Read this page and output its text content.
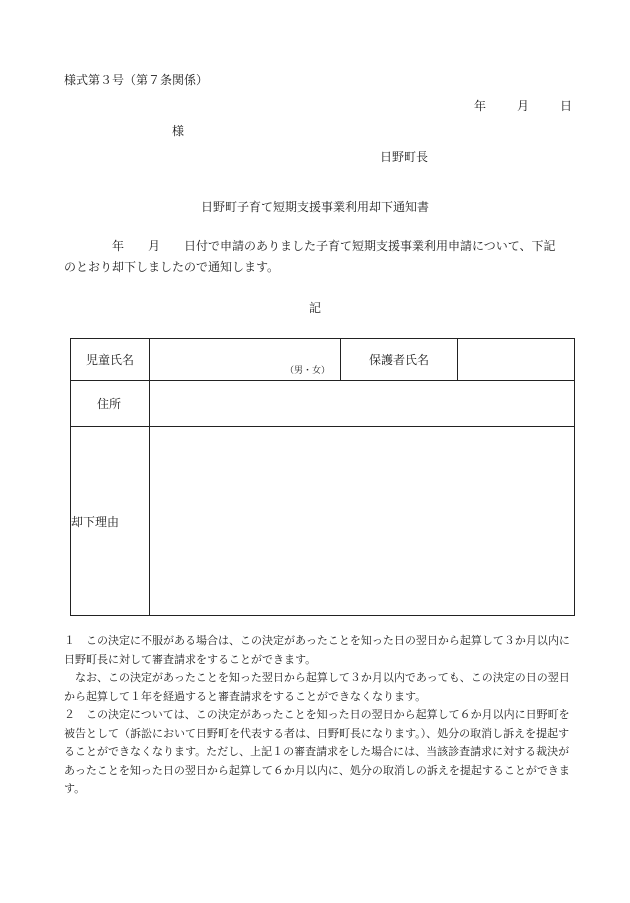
様式第３号（第７条関係）
年	月	日
様
日野町長
日野町子育て短期支援事業利用却下通知書
年 月 日付で申請のありました子育て短期支援事業利用申請について、下記
のとおり却下しましたので通知します。
記
児童氏名	（男・女）	保護者氏名	
住所			
却下理由			

１　この決定に不服がある場合は、この決定があったことを知った日の翌日から起算して３か月以内に日野町長に対して審査請求をすることができます。

　なお、この決定があったことを知った翌日から起算して３か月以内であっても、この決定の日の翌日から起算して１年を経過すると審査請求をすることができなくなります。

２　この決定については、この決定があったことを知った日の翌日から起算して６か月以内に日野町を被告として（訴訟において日野町を代表する者は、日野町長になります。）、処分の取消し訴えを提起することができなくなります。ただし、上記１の審査請求をした場合には、当該診査請求に対する裁決があったことを知った日の翌日から起算して６か月以内に、処分の取消しの訴えを提起することができます。
